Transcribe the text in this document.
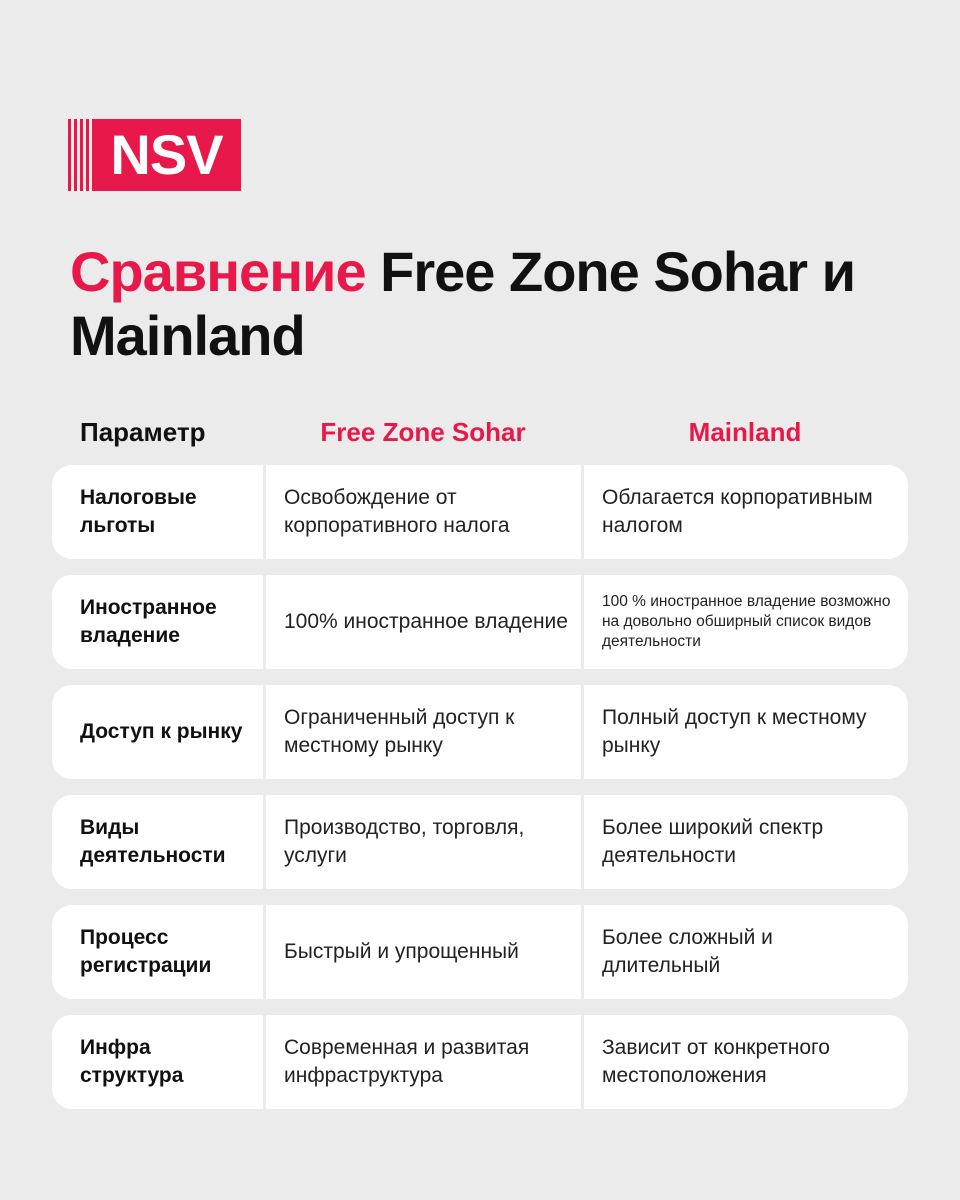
NSV
Сравнение Free Zone Sohar и Mainland
Параметр	Free Zone Sohar	Mainland
Налоговые льготы
Освобождение от корпоративного налога
Облагается корпоративным налогом
Иностранное владение
100% иностранное владение
100 % иностранное владение возможно на довольно обширный список видов деятельности
Доступ к рынку
Ограниченный доступ к местному рынку
Полный доступ к местному рынку
Виды деятельности
Производство, торговля, услуги
Более широкий спектр деятельности
Процесс регистрации
Быстрый и упрощенный
Более сложный и длительный
Инфра структура
Современная и развитая инфраструктура
Зависит от конкретного местоположения
